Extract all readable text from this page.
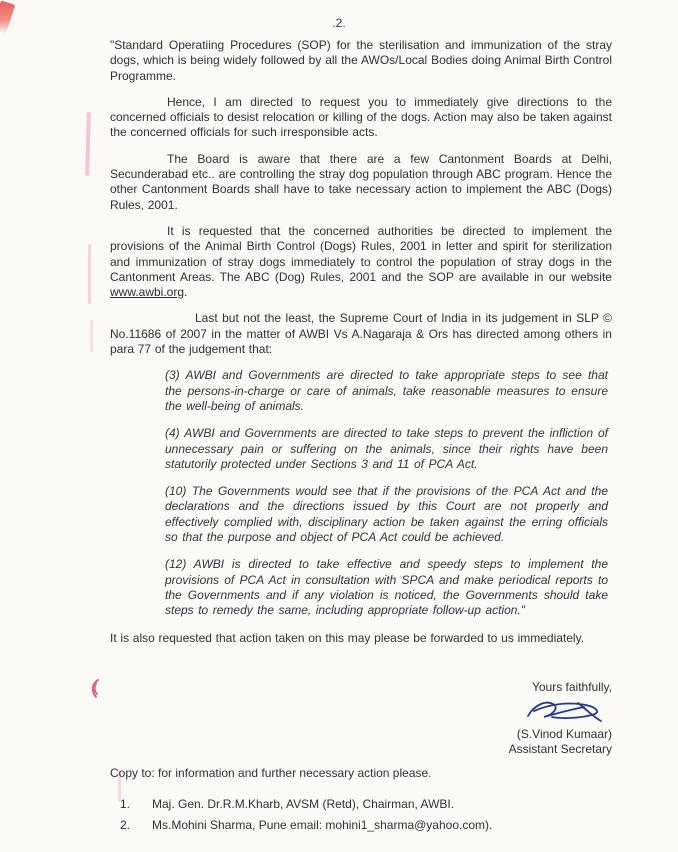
.2.

"Standard Operatiing Procedures (SOP) for the sterilisation and immunization of the stray dogs, which is being widely followed by all the AWOs/Local Bodies doing Animal Birth Control Programme.

Hence, I am directed to request you to immediately give directions to the concerned officials to desist relocation or killing of the dogs. Action may also be taken against the concerned officials for such irresponsible acts.

The Board is aware that there are a few Cantonment Boards at Delhi, Secunderabad etc.. are controlling the stray dog population through ABC program. Hence the other Cantonment Boards shall have to take necessary action to implement the ABC (Dogs) Rules, 2001.

It is requested that the concerned authorities be directed to implement the provisions of the Animal Birth Control (Dogs) Rules, 2001 in letter and spirit for sterilization and immunization of stray dogs immediately to control the population of stray dogs in the Cantonment Areas. The ABC (Dog) Rules, 2001 and the SOP are available in our website www.awbi.org.

Last but not the least, the Supreme Court of India in its judgement in SLP © No.11686 of 2007 in the matter of AWBI Vs A.Nagaraja & Ors has directed among others in para 77 of the judgement that:

(3) AWBI and Governments are directed to take appropriate steps to see that the persons-in-charge or care of animals, take reasonable measures to ensure the well-being of animals.

(4) AWBI and Governments are directed to take steps to prevent the infliction of unnecessary pain or suffering on the animals, since their rights have been statutorily protected under Sections 3 and 11 of PCA Act.

(10) The Governments would see that if the provisions of the PCA Act and the declarations and the directions issued by this Court are not properly and effectively complied with, disciplinary action be taken against the erring officials so that the purpose and object of PCA Act could be achieved.

(12) AWBI is directed to take effective and speedy steps to implement the provisions of PCA Act in consultation with SPCA and make periodical reports to the Governments and if any violation is noticed, the Governments should take steps to remedy the same, including appropriate follow-up action."

It is also requested that action taken on this may please be forwarded to us immediately.

Yours faithfully,
(S.Vinod Kumaar)
Assistant Secretary
Copy to: for information and further necessary action please.
1. Maj. Gen. Dr.R.M.Kharb, AVSM (Retd), Chairman, AWBI.
2. Ms.Mohini Sharma, Pune email: mohini1_sharma@yahoo.com).
